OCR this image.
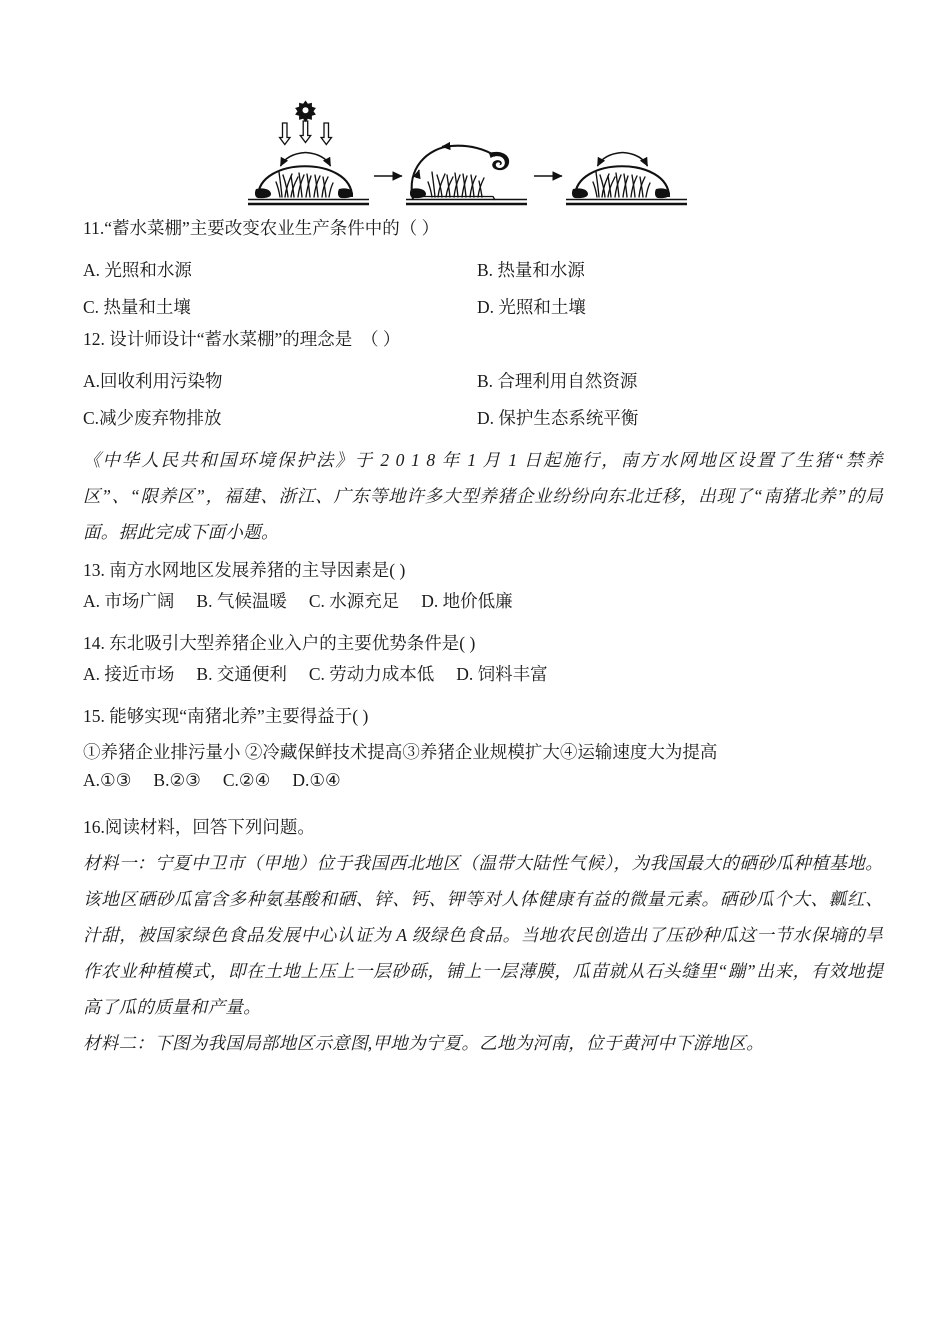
11. “蓄水菜棚”主要改变农业生产条件中的 （ ）
A. 光照和水源	B. 热量和水源
C. 热量和土壤	D. 光照和土壤
12.
设计师设计“蓄水菜棚”的理念是
（ ）
A.回收利用污染物	B. 合理利用自然资源
C.减少废弃物排放	D. 保护生态系统平衡

《中华人民共和国环境保护法》于 2 0 1 8 年 1 月 1 日起施行，南方水网地区设置了生猪“禁养区”、“限养区”，福建、浙江、广东等地许多大型养猪企业纷纷向东北迁移，出现了“南猪北养”的局面。据此完成下面小题。

13. 南方水网地区发展养猪的主导因素是( )
A. 市场广阔 B. 气候温暖 C. 水源充足 D. 地价低廉
14. 东北吸引大型养猪企业入户的主要优势条件是( )
A. 接近市场 B. 交通便利 C. 劳动力成本低 D. 饲料丰富
15. 能够实现“南猪北养”主要得益于( )
①养猪企业排污量小 ②冷藏保鲜技术提高③养猪企业规模扩大④运输速度大为提高
A.①③ B.②③ C.②④ D.①④
16.阅读材料，回答下列问题。

材料一：宁夏中卫市（甲地）位于我国西北地区（温带大陆性气候），为我国最大的硒砂瓜种植基地。该地区硒砂瓜富含多种氨基酸和硒、锌、钙、钾等对人体健康有益的微量元素。硒砂瓜个大、瓤红、汁甜，被国家绿色食品发展中心认证为 A 级绿色食品。当地农民创造出了压砂种瓜这一节水保墒的旱作农业种植模式，即在土地上压上一层砂砾，铺上一层薄膜，瓜苗就从石头缝里“蹦”出来，有效地提高了瓜的质量和产量。

材料二：下图为我国局部地区示意图,甲地为宁夏。乙地为河南，位于黄河中下游地区。
